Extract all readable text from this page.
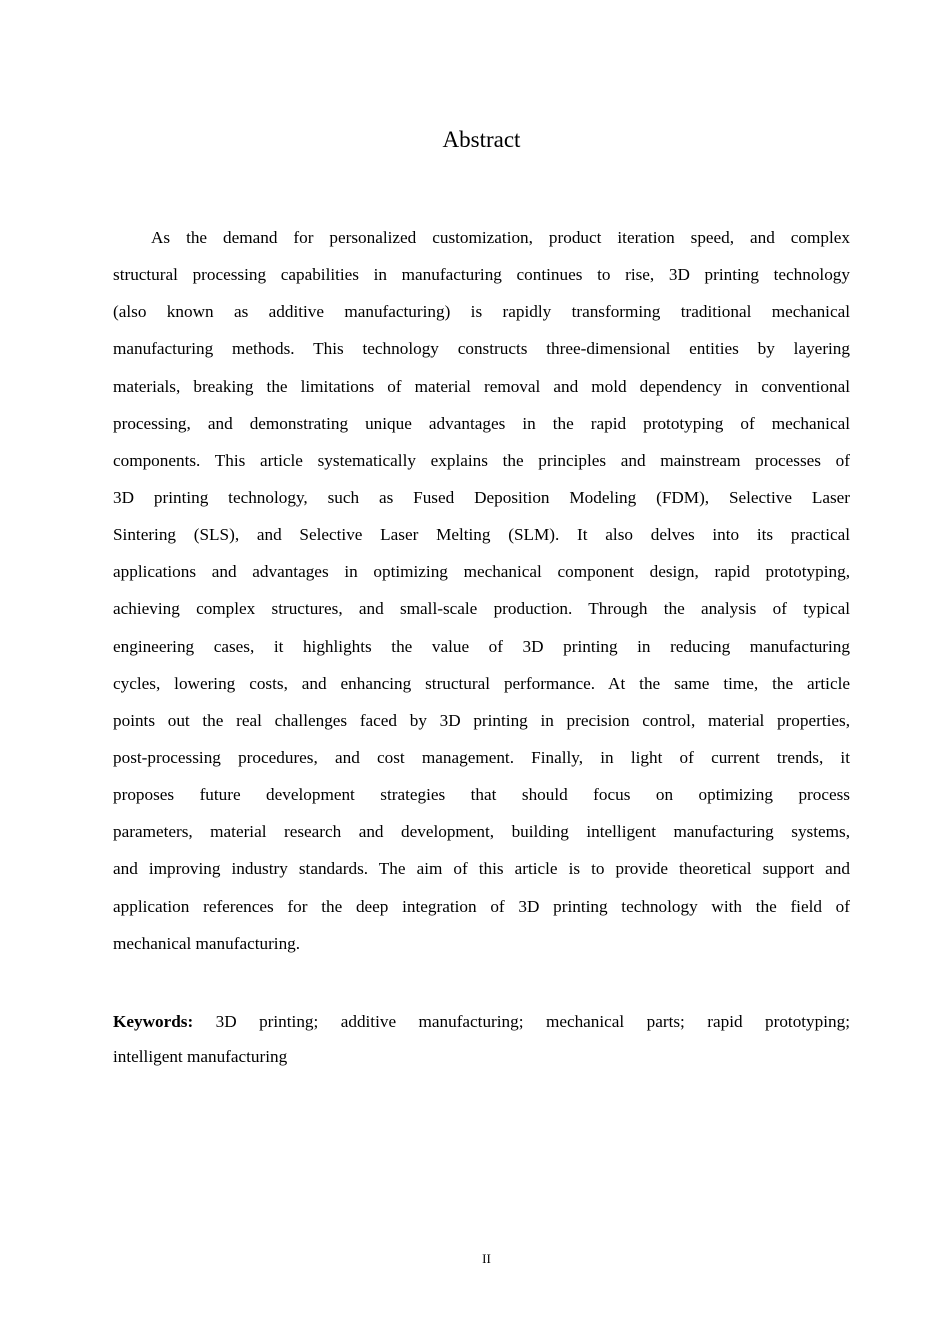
Abstract
As the demand for personalized customization, product iteration speed, and complex
structural processing capabilities in manufacturing continues to rise, 3D printing technology
(also known as additive manufacturing) is rapidly transforming traditional mechanical
manufacturing methods. This technology constructs three-dimensional entities by layering
materials, breaking the limitations of material removal and mold dependency in conventional
processing, and demonstrating unique advantages in the rapid prototyping of mechanical
components. This article systematically explains the principles and mainstream processes of
3D printing technology, such as Fused Deposition Modeling (FDM), Selective Laser
Sintering (SLS), and Selective Laser Melting (SLM). It also delves into its practical
applications and advantages in optimizing mechanical component design, rapid prototyping,
achieving complex structures, and small-scale production. Through the analysis of typical
engineering cases, it highlights the value of 3D printing in reducing manufacturing
cycles, lowering costs, and enhancing structural performance. At the same time, the article
points out the real challenges faced by 3D printing in precision control, material properties,
post-processing procedures, and cost management. Finally, in light of current trends, it
proposes future development strategies that should focus on optimizing process
parameters, material research and development, building intelligent manufacturing systems,
and improving industry standards. The aim of this article is to provide theoretical support and
application references for the deep integration of 3D printing technology with the field of
mechanical manufacturing.
Keywords: 3D printing; additive manufacturing; mechanical parts; rapid prototyping;
intelligent manufacturing
II
